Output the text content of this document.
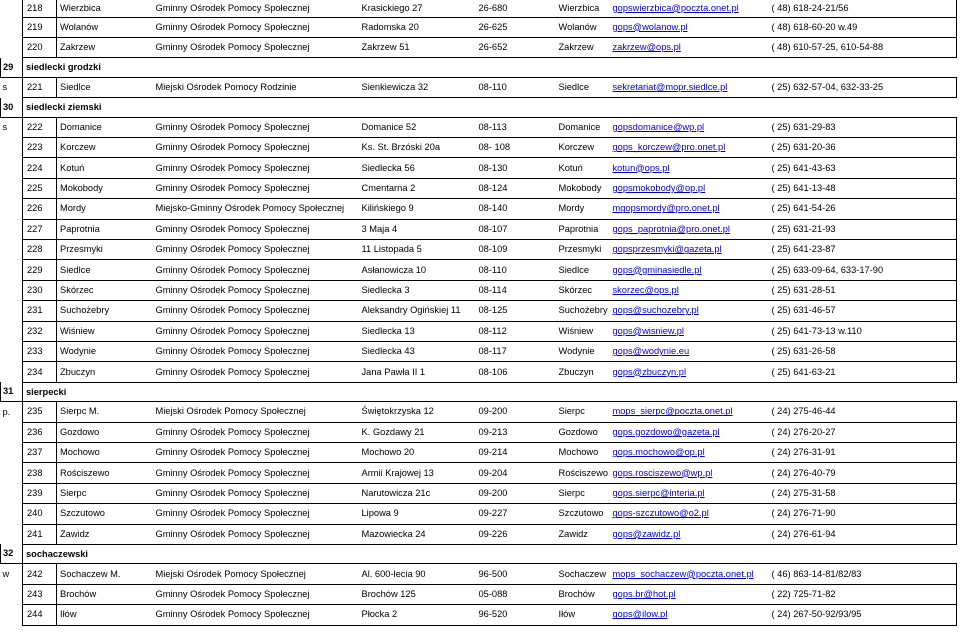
	218	Wierzbica	Gminny Ośrodek Pomocy Społecznej	Krasickiego 27	26-680	Wierzbica	gopswierzbica@poczta.onet.pl	( 48) 618-24-21/56
	219	Wolanów	Gminny Ośrodek Pomocy Społecznej	Radomska 20	26-625	Wolanów	gops@wolanow.pl	( 48) 618-60-20 w.49
	220	Zakrzew	Gminny Ośrodek Pomocy Społecznej	Zakrzew 51	26-652	Zakrzew	zakrzew@ops.pl	( 48) 610-57-25, 610-54-88
29	siedlecki grodzki							
s	221	Siedlce	Miejski Ośrodek Pomocy Rodzinie	Sienkiewicza 32	08-110	Siedlce	sekretariat@mopr.siedlce.pl	( 25) 632-57-04, 632-33-25
30	siedlecki ziemski							
s	222	Domanice	Gminny Ośrodek Pomocy Społecznej	Domanice 52	08-113	Domanice	gopsdomanice@wp.pl	( 25) 631-29-83
	223	Korczew	Gminny Ośrodek Pomocy Społecznej	Ks. St. Brzóski 20a	08- 108	Korczew	gops_korczew@pro.onet.pl	( 25) 631-20-36
	224	Kotuń	Gminny Ośrodek Pomocy Społecznej	Siedlecka 56	08-130	Kotuń	kotun@ops.pl	( 25) 641-43-63
	225	Mokobody	Gminny Ośrodek Pomocy Społecznej	Cmentarna 2	08-124	Mokobody	gopsmokobody@op.pl	( 25) 641-13-48
	226	Mordy	Miejsko-Gminny Ośrodek Pomocy Społecznej	Kilińskiego 9	08-140	Mordy	mgopsmordy@pro.onet.pl	( 25) 641-54-26
	227	Paprotnia	Gminny Ośrodek Pomocy Społecznej	3 Maja 4	08-107	Paprotnia	gops_paprotnia@pro.onet.pl	( 25) 631-21-93
	228	Przesmyki	Gminny Ośrodek Pomocy Społecznej	11 Listopada 5	08-109	Przesmyki	gopsprzesmyki@gazeta.pl	( 25) 641-23-87
	229	Siedlce	Gminny Ośrodek Pomocy Społecznej	Asłanowicza 10	08-110	Siedlce	gops@gminasiedle.pl	( 25) 633-09-64, 633-17-90
	230	Skórzec	Gminny Ośrodek Pomocy Społecznej	Siedlecka 3	08-114	Skórzec	skorzec@ops.pl	( 25) 631-28-51
	231	Suchożebry	Gminny Ośrodek Pomocy Społecznej	Aleksandry Ogińskiej 11	08-125	Suchożebry	gops@suchozebry.pl	( 25) 631-46-57
	232	Wiśniew	Gminny Ośrodek Pomocy Społecznej	Siedlecka 13	08-112	Wiśniew	gops@wisniew.pl	( 25) 641-73-13 w.110
	233	Wodynie	Gminny Ośrodek Pomocy Społecznej	Siedlecka 43	08-117	Wodynie	gops@wodynie.eu	( 25) 631-26-58
	234	Zbuczyn	Gminny Ośrodek Pomocy Społecznej	Jana Pawła II 1	08-106	Zbuczyn	gops@zbuczyn.pl	( 25) 641-63-21
31	sierpecki							
p.	235	Sierpc M.	Miejski Ośrodek Pomocy Społecznej	Świętokrzyska 12	09-200	Sierpc	mops_sierpc@poczta.onet.pl	( 24) 275-46-44
	236	Gozdowo	Gminny Ośrodek Pomocy Społecznej	K. Gozdawy 21	09-213	Gozdowo	gops.gozdowo@gazeta.pl	( 24) 276-20-27
	237	Mochowo	Gminny Ośrodek Pomocy Społecznej	Mochowo 20	09-214	Mochowo	gops.mochowo@op.pl	( 24) 276-31-91
	238	Rościszewo	Gminny Ośrodek Pomocy Społecznej	Armii Krajowej 13	09-204	Rościszewo	gops.rosciszewo@wp.pl	( 24) 276-40-79
	239	Sierpc	Gminny Ośrodek Pomocy Społecznej	Narutowicza 21c	09-200	Sierpc	gops.sierpc@interia.pl	( 24) 275-31-58
	240	Szczutowo	Gminny Ośrodek Pomocy Społecznej	Lipowa 9	09-227	Szczutowo	gops-szczutowo@o2.pl	( 24) 276-71-90
	241	Zawidz	Gminny Ośrodek Pomocy Społecznej	Mazowiecka 24	09-226	Zawidz	gops@zawidz.pl	( 24) 276-61-94
32	sochaczewski							
w	242	Sochaczew M.	Miejski Ośrodek Pomocy Społecznej	Al. 600-lecia 90	96-500	Sochaczew	mops_sochaczew@poczta.onet.pl	( 46) 863-14-81/82/83
	243	Brochów	Gminny Ośrodek Pomocy Społecznej	Brochów 125	05-088	Brochów	gops.br@hot.pl	( 22) 725-71-82
	244	Iłów	Gminny Ośrodek Pomocy Społecznej	Płocka 2	96-520	Iłów	gops@ilow.pl	( 24) 267-50-92/93/95
